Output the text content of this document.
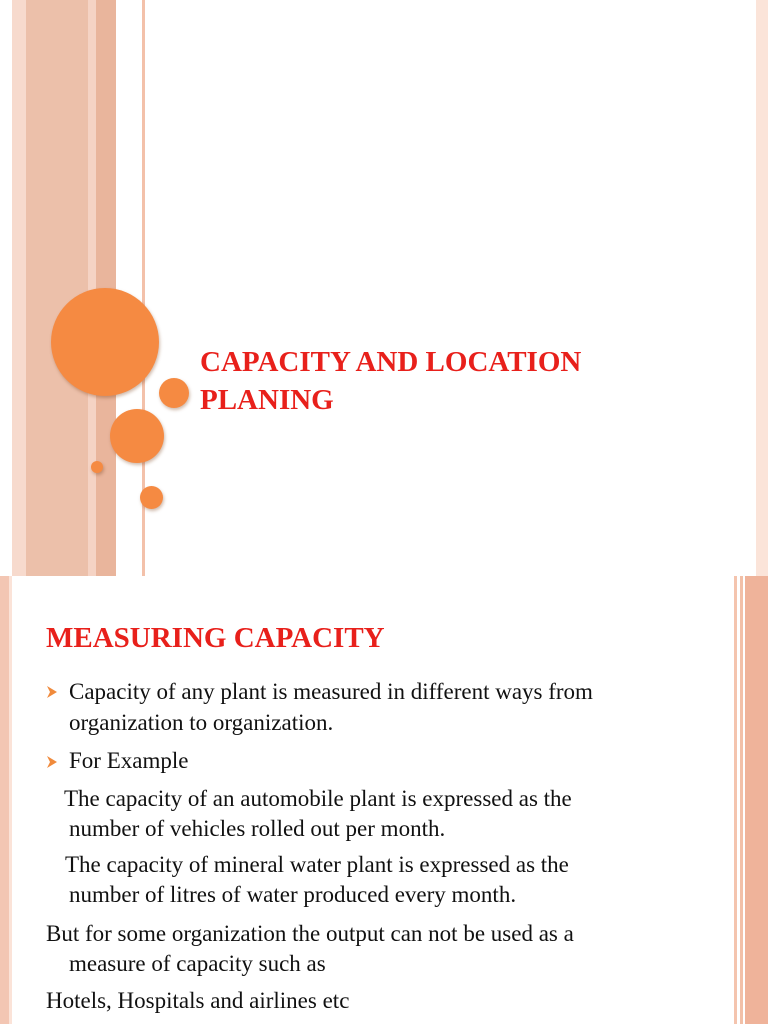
CAPACITY AND LOCATION
PLANING
MEASURING CAPACITY

Capacity of any plant is measured in different ways from

organization to organization.

For Example

The capacity of an automobile plant is expressed as the

number of vehicles rolled out per month.

The capacity of mineral water plant is expressed as the

number of litres of water produced every month.

But for some organization the output can not be used as a

measure of capacity such as

Hotels, Hospitals and airlines etc
